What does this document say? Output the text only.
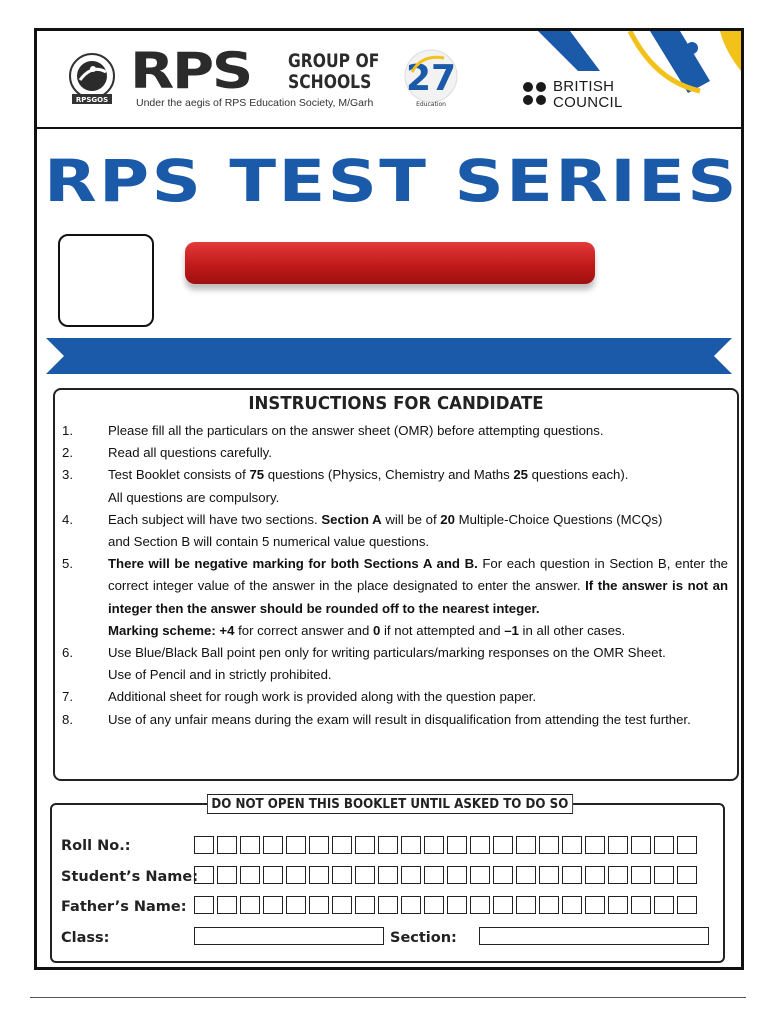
RPSGOS RPS GROUP OF
SCHOOLS
Under the aegis of RPS Education Society, M/Garh
27
Education
BRITISH
COUNCIL
RPS TEST SERIES
INSTRUCTIONS FOR CANDIDATE
1.	Please fill all the particulars on the answer sheet (OMR) before attempting questions.
2.	Read all questions carefully.
3.	Test Booklet consists of 75 questions (Physics, Chemistry and Maths 25 questions each).
All questions are compulsory.
4.	Each subject will have two sections. Section A will be of 20 Multiple-Choice Questions (MCQs)
and Section B will contain 5 numerical value questions.
5.	There will be negative marking for both Sections A and B. For each question in Section B, enter the correct integer value of the answer in the place designated to enter the answer. If the answer is not an integer then the answer should be rounded off to the nearest integer.
Marking scheme: +4 for correct answer and 0 if not attempted and –1 in all other cases.
6.	Use Blue/Black Ball point pen only for writing particulars/marking responses on the OMR Sheet.
Use of Pencil and in strictly prohibited.
7.	Additional sheet for rough work is provided along with the question paper.
8.	Use of any unfair means during the exam will result in disqualification from attending the test further.
DO NOT OPEN THIS BOOKLET UNTIL ASKED TO DO SO
Roll No.:
Student’s Name:
Father’s Name:
Class:	Section:
